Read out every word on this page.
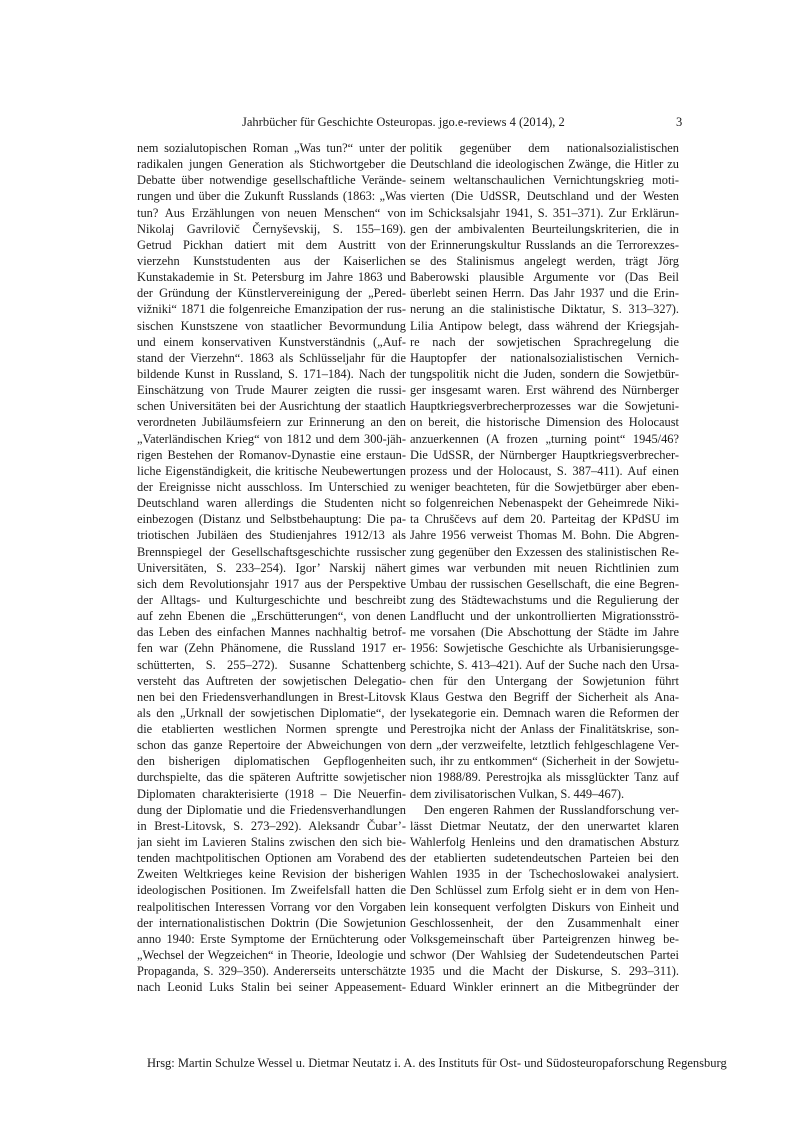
Jahrbücher für Geschichte Osteuropas. jgo.e-reviews 4 (2014), 2	3
nem sozialutopischen Roman „Was tun?“ unter der
radikalen jungen Generation als Stichwortgeber die
Debatte über notwendige gesellschaftliche Verände-
rungen und über die Zukunft Russlands (1863: „Was
tun? Aus Erzählungen von neuen Menschen“ von
Nikolaj Gavrilovič Černyševskij, S. 155–169).
Getrud Pickhan datiert mit dem Austritt von
vierzehn Kunststudenten aus der Kaiserlichen
Kunstakademie in St. Petersburg im Jahre 1863 und
der Gründung der Künstlervereinigung der „Pered-
vižniki“ 1871 die folgenreiche Emanzipation der rus-
sischen Kunstszene von staatlicher Bevormundung
und einem konservativen Kunstverständnis („Auf-
stand der Vierzehn“. 1863 als Schlüsseljahr für die
bildende Kunst in Russland, S. 171–184). Nach der
Einschätzung von Trude Maurer zeigten die russi-
schen Universitäten bei der Ausrichtung der staatlich
verordneten Jubiläumsfeiern zur Erinnerung an den
„Vaterländischen Krieg“ von 1812 und dem 300-jäh-
rigen Bestehen der Romanov-Dynastie eine erstaun-
liche Eigenständigkeit, die kritische Neubewertungen
der Ereignisse nicht ausschloss. Im Unterschied zu
Deutschland waren allerdings die Studenten nicht
einbezogen (Distanz und Selbstbehauptung: Die pa-
triotischen Jubiläen des Studienjahres 1912/13 als
Brennspiegel der Gesellschaftsgeschichte russischer
Universitäten, S. 233–254). Igor’ Narskij nähert
sich dem Revolutionsjahr 1917 aus der Perspektive
der Alltags- und Kulturgeschichte und beschreibt
auf zehn Ebenen die „Erschütterungen“, von denen
das Leben des einfachen Mannes nachhaltig betrof-
fen war (Zehn Phänomene, die Russland 1917 er-
schütterten, S. 255–272). Susanne Schattenberg
versteht das Auftreten der sowjetischen Delegatio-
nen bei den Friedensverhandlungen in Brest-Litovsk
als den „Urknall der sowjetischen Diplomatie“, der
die etablierten westlichen Normen sprengte und
schon das ganze Repertoire der Abweichungen von
den bisherigen diplomatischen Gepflogenheiten
durchspielte, das die späteren Auftritte sowjetischer
Diplomaten charakterisierte (1918 – Die Neuerfin-
dung der Diplomatie und die Friedensverhandlungen
in Brest-Litovsk, S. 273–292). Aleksandr Čubar’-
jan sieht im Lavieren Stalins zwischen den sich bie-
tenden machtpolitischen Optionen am Vorabend des
Zweiten Weltkrieges keine Revision der bisherigen
ideologischen Positionen. Im Zweifelsfall hatten die
realpolitischen Interessen Vorrang vor den Vorgaben
der internationalistischen Doktrin (Die Sowjetunion
anno 1940: Erste Symptome der Ernüchterung oder
„Wechsel der Wegzeichen“ in Theorie, Ideologie und
Propaganda, S. 329–350). Andererseits unterschätzte
nach Leonid Luks Stalin bei seiner Appeasement-
politik gegenüber dem nationalsozialistischen
Deutschland die ideologischen Zwänge, die Hitler zu
seinem weltanschaulichen Vernichtungskrieg moti-
vierten (Die UdSSR, Deutschland und der Westen
im Schicksalsjahr 1941, S. 351–371). Zur Erklärun-
gen der ambivalenten Beurteilungskriterien, die in
der Erinnerungskultur Russlands an die Terrorexzes-
se des Stalinismus angelegt werden, trägt Jörg
Baberowski plausible Argumente vor (Das Beil
überlebt seinen Herrn. Das Jahr 1937 und die Erin-
nerung an die stalinistische Diktatur, S. 313–327).
Lilia Antipow belegt, dass während der Kriegsjah-
re nach der sowjetischen Sprachregelung die
Hauptopfer der nationalsozialistischen Vernich-
tungspolitik nicht die Juden, sondern die Sowjetbür-
ger insgesamt waren. Erst während des Nürnberger
Hauptkriegsverbrecherprozesses war die Sowjetuni-
on bereit, die historische Dimension des Holocaust
anzuerkennen (A frozen „turning point“ 1945/46?
Die UdSSR, der Nürnberger Hauptkriegsverbrecher-
prozess und der Holocaust, S. 387–411). Auf einen
weniger beachteten, für die Sowjetbürger aber eben-
so folgenreichen Nebenaspekt der Geheimrede Niki-
ta Chruščevs auf dem 20. Parteitag der KPdSU im
Jahre 1956 verweist Thomas M. Bohn. Die Abgren-
zung gegenüber den Exzessen des stalinistischen Re-
gimes war verbunden mit neuen Richtlinien zum
Umbau der russischen Gesellschaft, die eine Begren-
zung des Städtewachstums und die Regulierung der
Landflucht und der unkontrollierten Migrationsströ-
me vorsahen (Die Abschottung der Städte im Jahre
1956: Sowjetische Geschichte als Urbanisierungsge-
schichte, S. 413–421). Auf der Suche nach den Ursa-
chen für den Untergang der Sowjetunion führt
Klaus Gestwa den Begriff der Sicherheit als Ana-
lysekategorie ein. Demnach waren die Reformen der
Perestrojka nicht der Anlass der Finalitätskrise, son-
dern „der verzweifelte, letztlich fehlgeschlagene Ver-
such, ihr zu entkommen“ (Sicherheit in der Sowjetu-
nion 1988/89. Perestrojka als missglückter Tanz auf
dem zivilisatorischen Vulkan, S. 449–467).
Den engeren Rahmen der Russlandforschung ver-
lässt Dietmar Neutatz, der den unerwartet klaren
Wahlerfolg Henleins und den dramatischen Absturz
der etablierten sudetendeutschen Parteien bei den
Wahlen 1935 in der Tschechoslowakei analysiert.
Den Schlüssel zum Erfolg sieht er in dem von Hen-
lein konsequent verfolgten Diskurs von Einheit und
Geschlossenheit, der den Zusammenhalt einer
Volksgemeinschaft über Parteigrenzen hinweg be-
schwor (Der Wahlsieg der Sudetendeutschen Partei
1935 und die Macht der Diskurse, S. 293–311).
Eduard Winkler erinnert an die Mitbegründer der
Hrsg: Martin Schulze Wessel u. Dietmar Neutatz i. A. des Instituts für Ost- und Südosteuropaforschung Regensburg
